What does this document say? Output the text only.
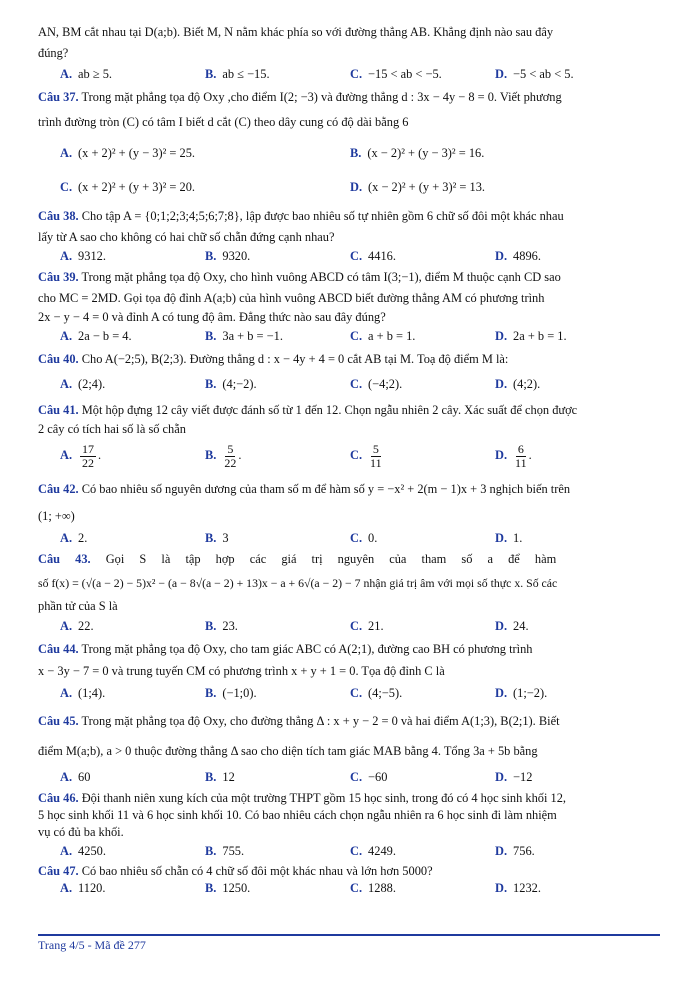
AN, BM cắt nhau tại D(a;b). Biết M, N nằm khác phía so với đường thẳng AB. Khẳng định nào sau đây

đúng?

A. ab ≥ 5.	B. ab ≤ −15.	C. −15 < ab < −5.	D. −5 < ab < 5.

Câu 37. Trong mặt phẳng tọa độ Oxy ,cho điểm I(2; −3) và đường thẳng d : 3x − 4y − 8 = 0. Viết phương

trình đường tròn (C) có tâm I biết d cắt (C) theo dây cung có độ dài bằng 6

A. (x + 2)² + (y − 3)² = 25.	B. (x − 2)² + (y − 3)² = 16.
C. (x + 2)² + (y + 3)² = 20.	D. (x − 2)² + (y + 3)² = 13.

Câu 38. Cho tập A = {0;1;2;3;4;5;6;7;8}, lập được bao nhiêu số tự nhiên gồm 6 chữ số đôi một khác nhau

lấy từ A sao cho không có hai chữ số chẵn đứng cạnh nhau?

A. 9312.	B. 9320.	C. 4416.	D. 4896.

Câu 39. Trong mặt phẳng tọa độ Oxy, cho hình vuông ABCD có tâm I(3;−1), điểm M thuộc cạnh CD sao

cho MC = 2MD. Gọi tọa độ đỉnh A(a;b) của hình vuông ABCD biết đường thẳng AM có phương trình

2x − y − 4 = 0 và đỉnh A có tung độ âm. Đẳng thức nào sau đây đúng?

A. 2a − b = 4.	B. 3a + b = −1.	C. a + b = 1.	D. 2a + b = 1.

Câu 40. Cho A(−2;5), B(2;3). Đường thẳng d : x − 4y + 4 = 0 cắt AB tại M. Toạ độ điểm M là:

A. (2;4).	B. (4;−2).	C. (−4;2).	D. (4;2).

Câu 41. Một hộp đựng 12 cây viết được đánh số từ 1 đến 12. Chọn ngẫu nhiên 2 cây. Xác suất để chọn được

2 cây có tích hai số là số chẵn

A. $\frac{17}{22}$ .	B. $\frac{5}{22}$ .	C. $\frac{5}{11}$	D. $\frac{6}{11}$ .

Câu 42. Có bao nhiêu số nguyên dương của tham số m để hàm số y = −x² + 2(m − 1)x + 3 nghịch biến trên

(1; +∞)

A. 2.	B. 3	C. 0.	D. 1.

Câu 43. Gọi S là tập hợp các giá trị nguyên của tham số a để hàm

số f(x) = (√(a − 2) − 5)x² − (a − 8√(a − 2) + 13)x − a + 6√(a − 2) − 7 nhận giá trị âm với mọi số thực x. Số các

phần tử của S là

A. 22.	B. 23.	C. 21.	D. 24.

Câu 44. Trong mặt phẳng tọa độ Oxy, cho tam giác ABC có A(2;1), đường cao BH có phương trình

x − 3y − 7 = 0 và trung tuyến CM có phương trình x + y + 1 = 0. Tọa độ đỉnh C là

A. (1;4).	B. (−1;0).	C. (4;−5).	D. (1;−2).

Câu 45. Trong mặt phẳng tọa độ Oxy, cho đường thẳng Δ : x + y − 2 = 0 và hai điểm A(1;3), B(2;1). Biết

điểm M(a;b), a > 0 thuộc đường thẳng Δ sao cho diện tích tam giác MAB bằng 4. Tổng 3a + 5b bằng

A. 60	B. 12	C. −60	D. −12

Câu 46. Đội thanh niên xung kích của một trường THPT gồm 15 học sinh, trong đó có 4 học sinh khối 12,

5 học sinh khối 11 và 6 học sinh khối 10. Có bao nhiêu cách chọn ngẫu nhiên ra 6 học sinh đi làm nhiệm

vụ có đủ ba khối.

A. 4250.	B. 755.	C. 4249.	D. 756.

Câu 47. Có bao nhiêu số chẵn có 4 chữ số đôi một khác nhau và lớn hơn 5000?

A. 1120.	B. 1250.	C. 1288.	D. 1232.
Trang 4/5 - Mã đề 277
